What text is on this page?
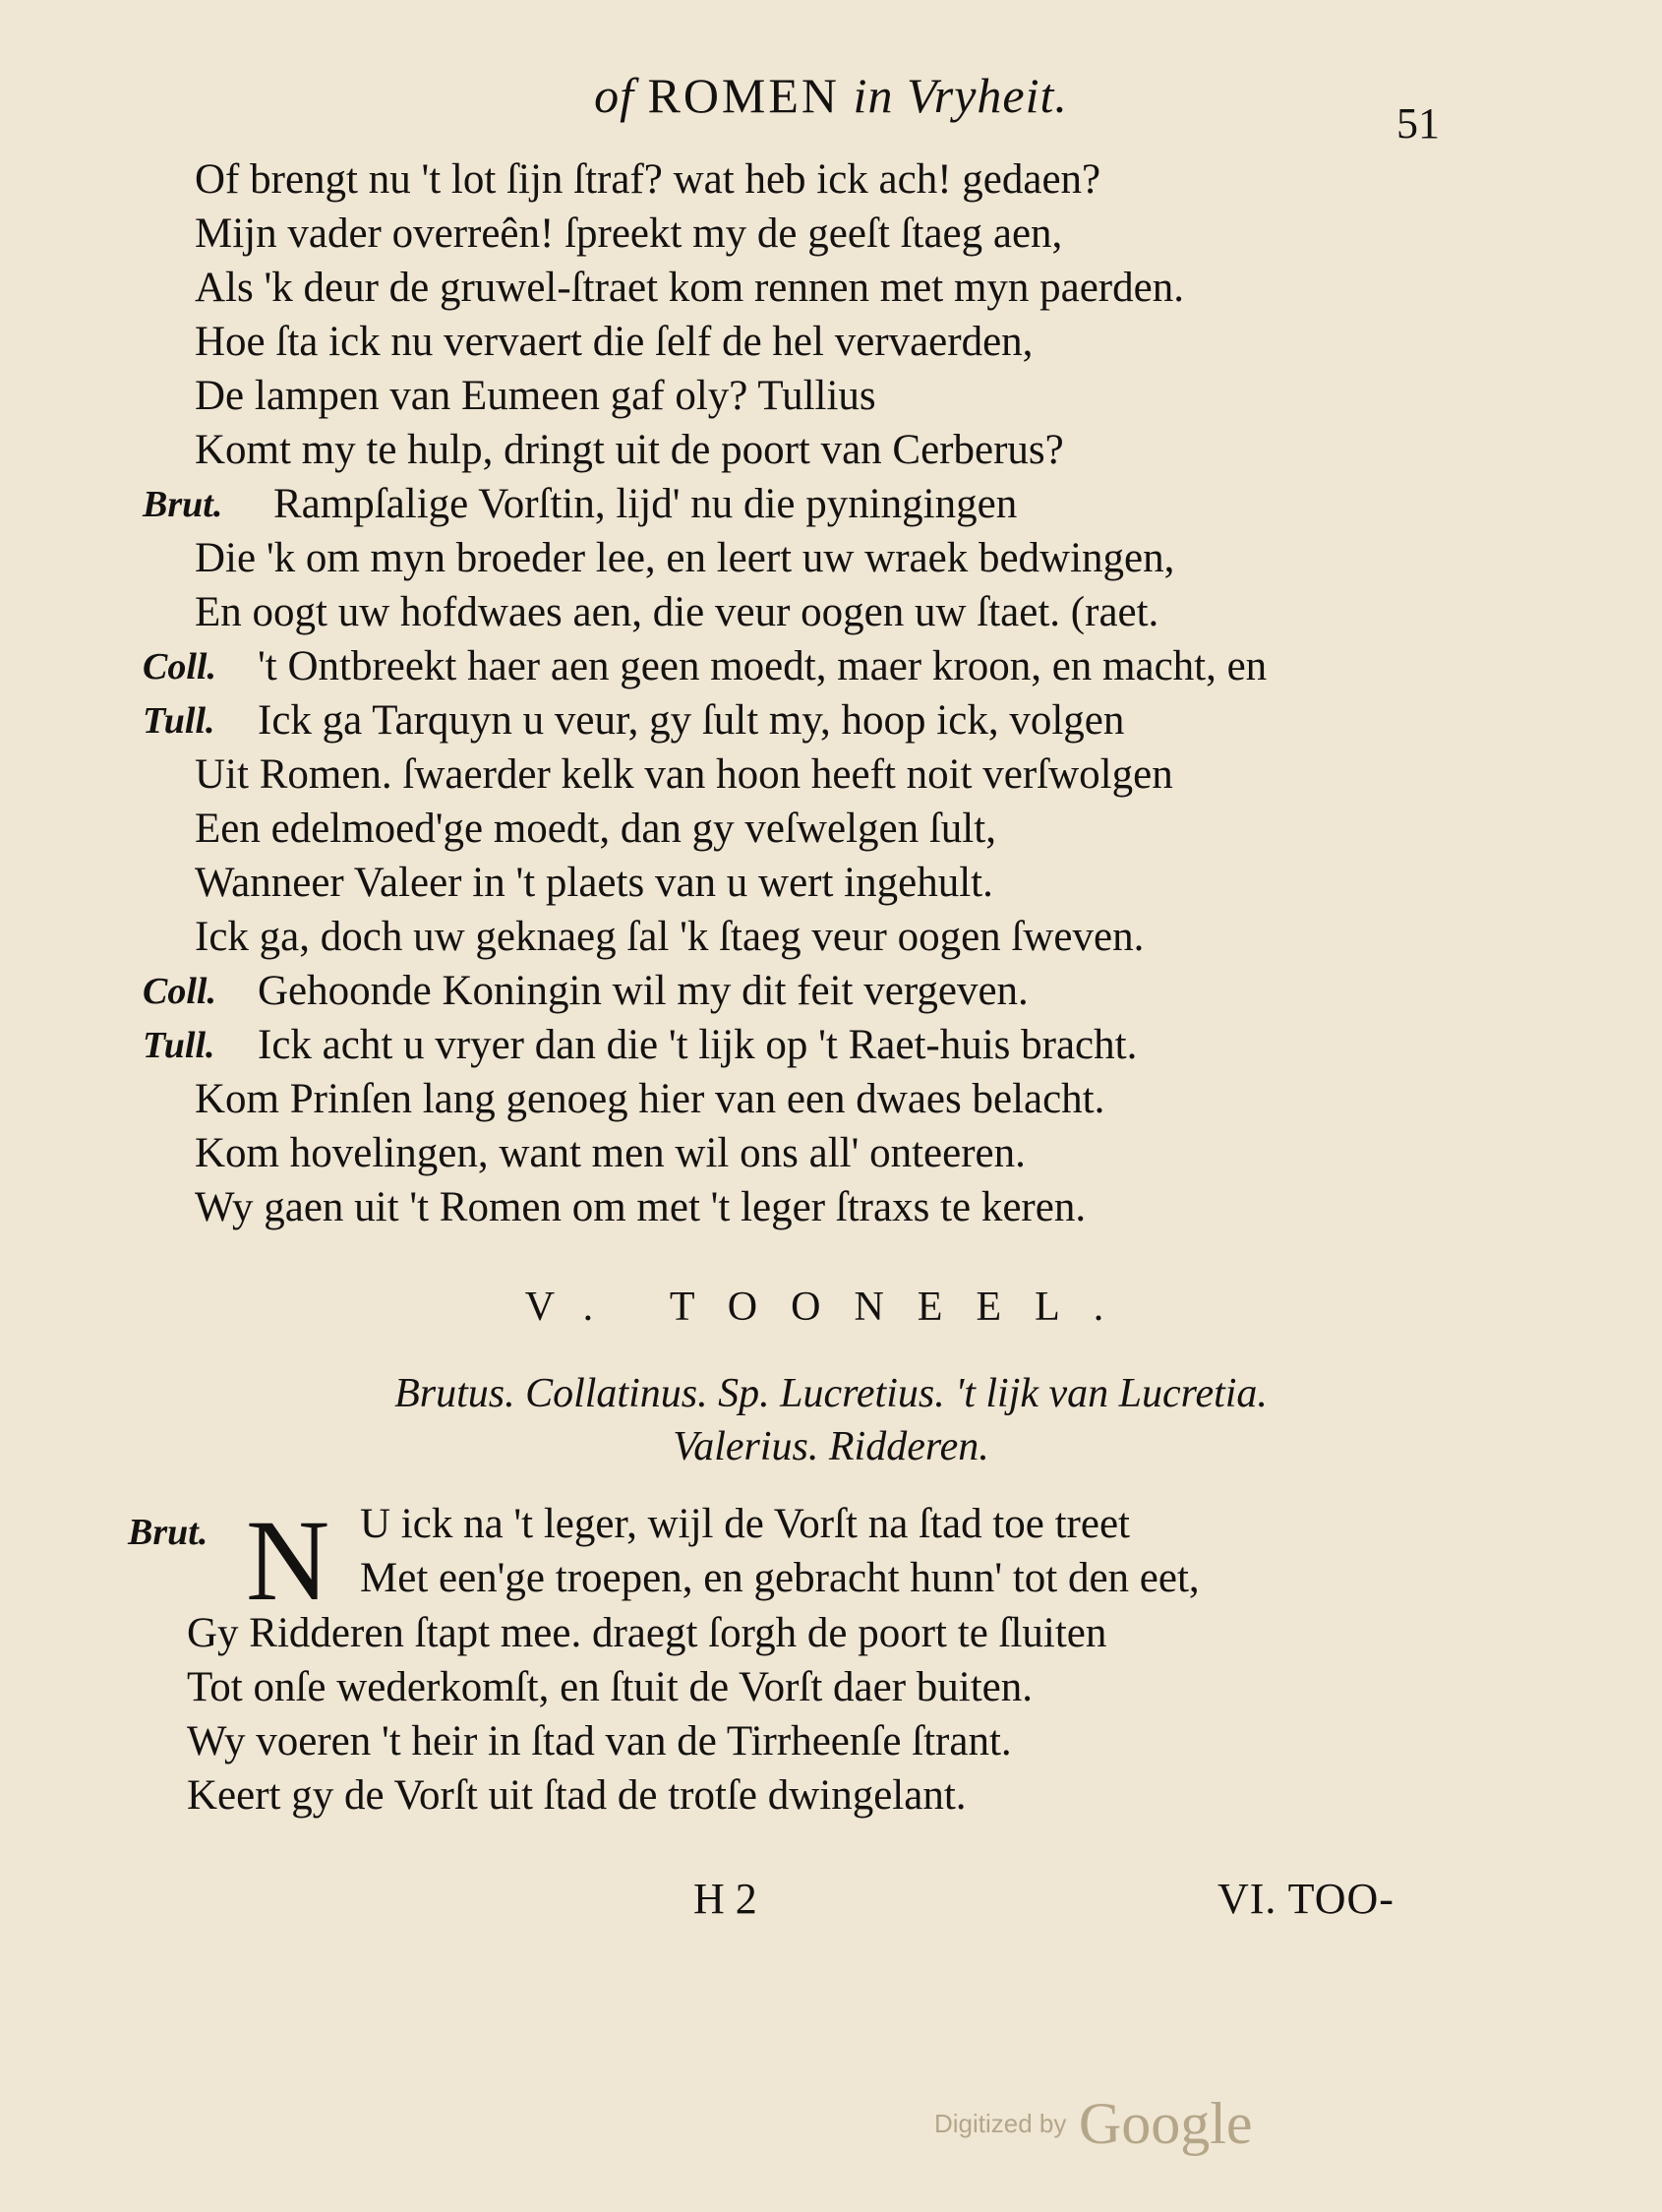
of ROMEN in Vryheit.
51
Of brengt nu 't lot ſijn ſtraf? wat heb ick ach! gedaen?
Mijn vader overreên! ſpreekt my de geeſt ſtaeg aen,
Als 'k deur de gruwel-ſtraet kom rennen met myn paerden.
Hoe ſta ick nu vervaert die ſelf de hel vervaerden,
De lampen van Eumeen gaf oly? Tullius
Komt my te hulp, dringt uit de poort van Cerberus?
Brut. Rampſalige Vorſtin, lijd' nu die pyningingen
Die 'k om myn broeder lee, en leert uw wraek bedwingen,
En oogt uw hofdwaes aen, die veur oogen uw ſtaet. (raet.
Coll. 't Ontbreekt haer aen geen moedt, maer kroon, en macht, en
Tull. Ick ga Tarquyn u veur, gy ſult my, hoop ick, volgen
Uit Romen. ſwaerder kelk van hoon heeft noit verſwolgen
Een edelmoed'ge moedt, dan gy veſwelgen ſult,
Wanneer Valeer in 't plaets van u wert ingehult.
Ick ga, doch uw geknaeg ſal 'k ſtaeg veur oogen ſweven.
Coll. Gehoonde Koningin wil my dit feit vergeven.
Tull. Ick acht u vryer dan die 't lijk op 't Raet-huis bracht.
Kom Prinſen lang genoeg hier van een dwaes belacht.
Kom hovelingen, want men wil ons all' onteeren.
Wy gaen uit 't Romen om met 't leger ſtraxs te keren.
V. TOONEEL.
Brutus. Collatinus. Sp. Lucretius. 't lijk van Lucretia.
Valerius. Ridderen.
Brut. N U ick na 't leger, wijl de Vorſt na ſtad toe treet
Met een'ge troepen, en gebracht hunn' tot den eet,
Gy Ridderen ſtapt mee. draegt ſorgh de poort te ſluiten
Tot onſe wederkomſt, en ſtuit de Vorſt daer buiten.
Wy voeren 't heir in ſtad van de Tirrheenſe ſtrant.
Keert gy de Vorſt uit ſtad de trotſe dwingelant.
H 2	VI. TOO-
Digitized by Google
